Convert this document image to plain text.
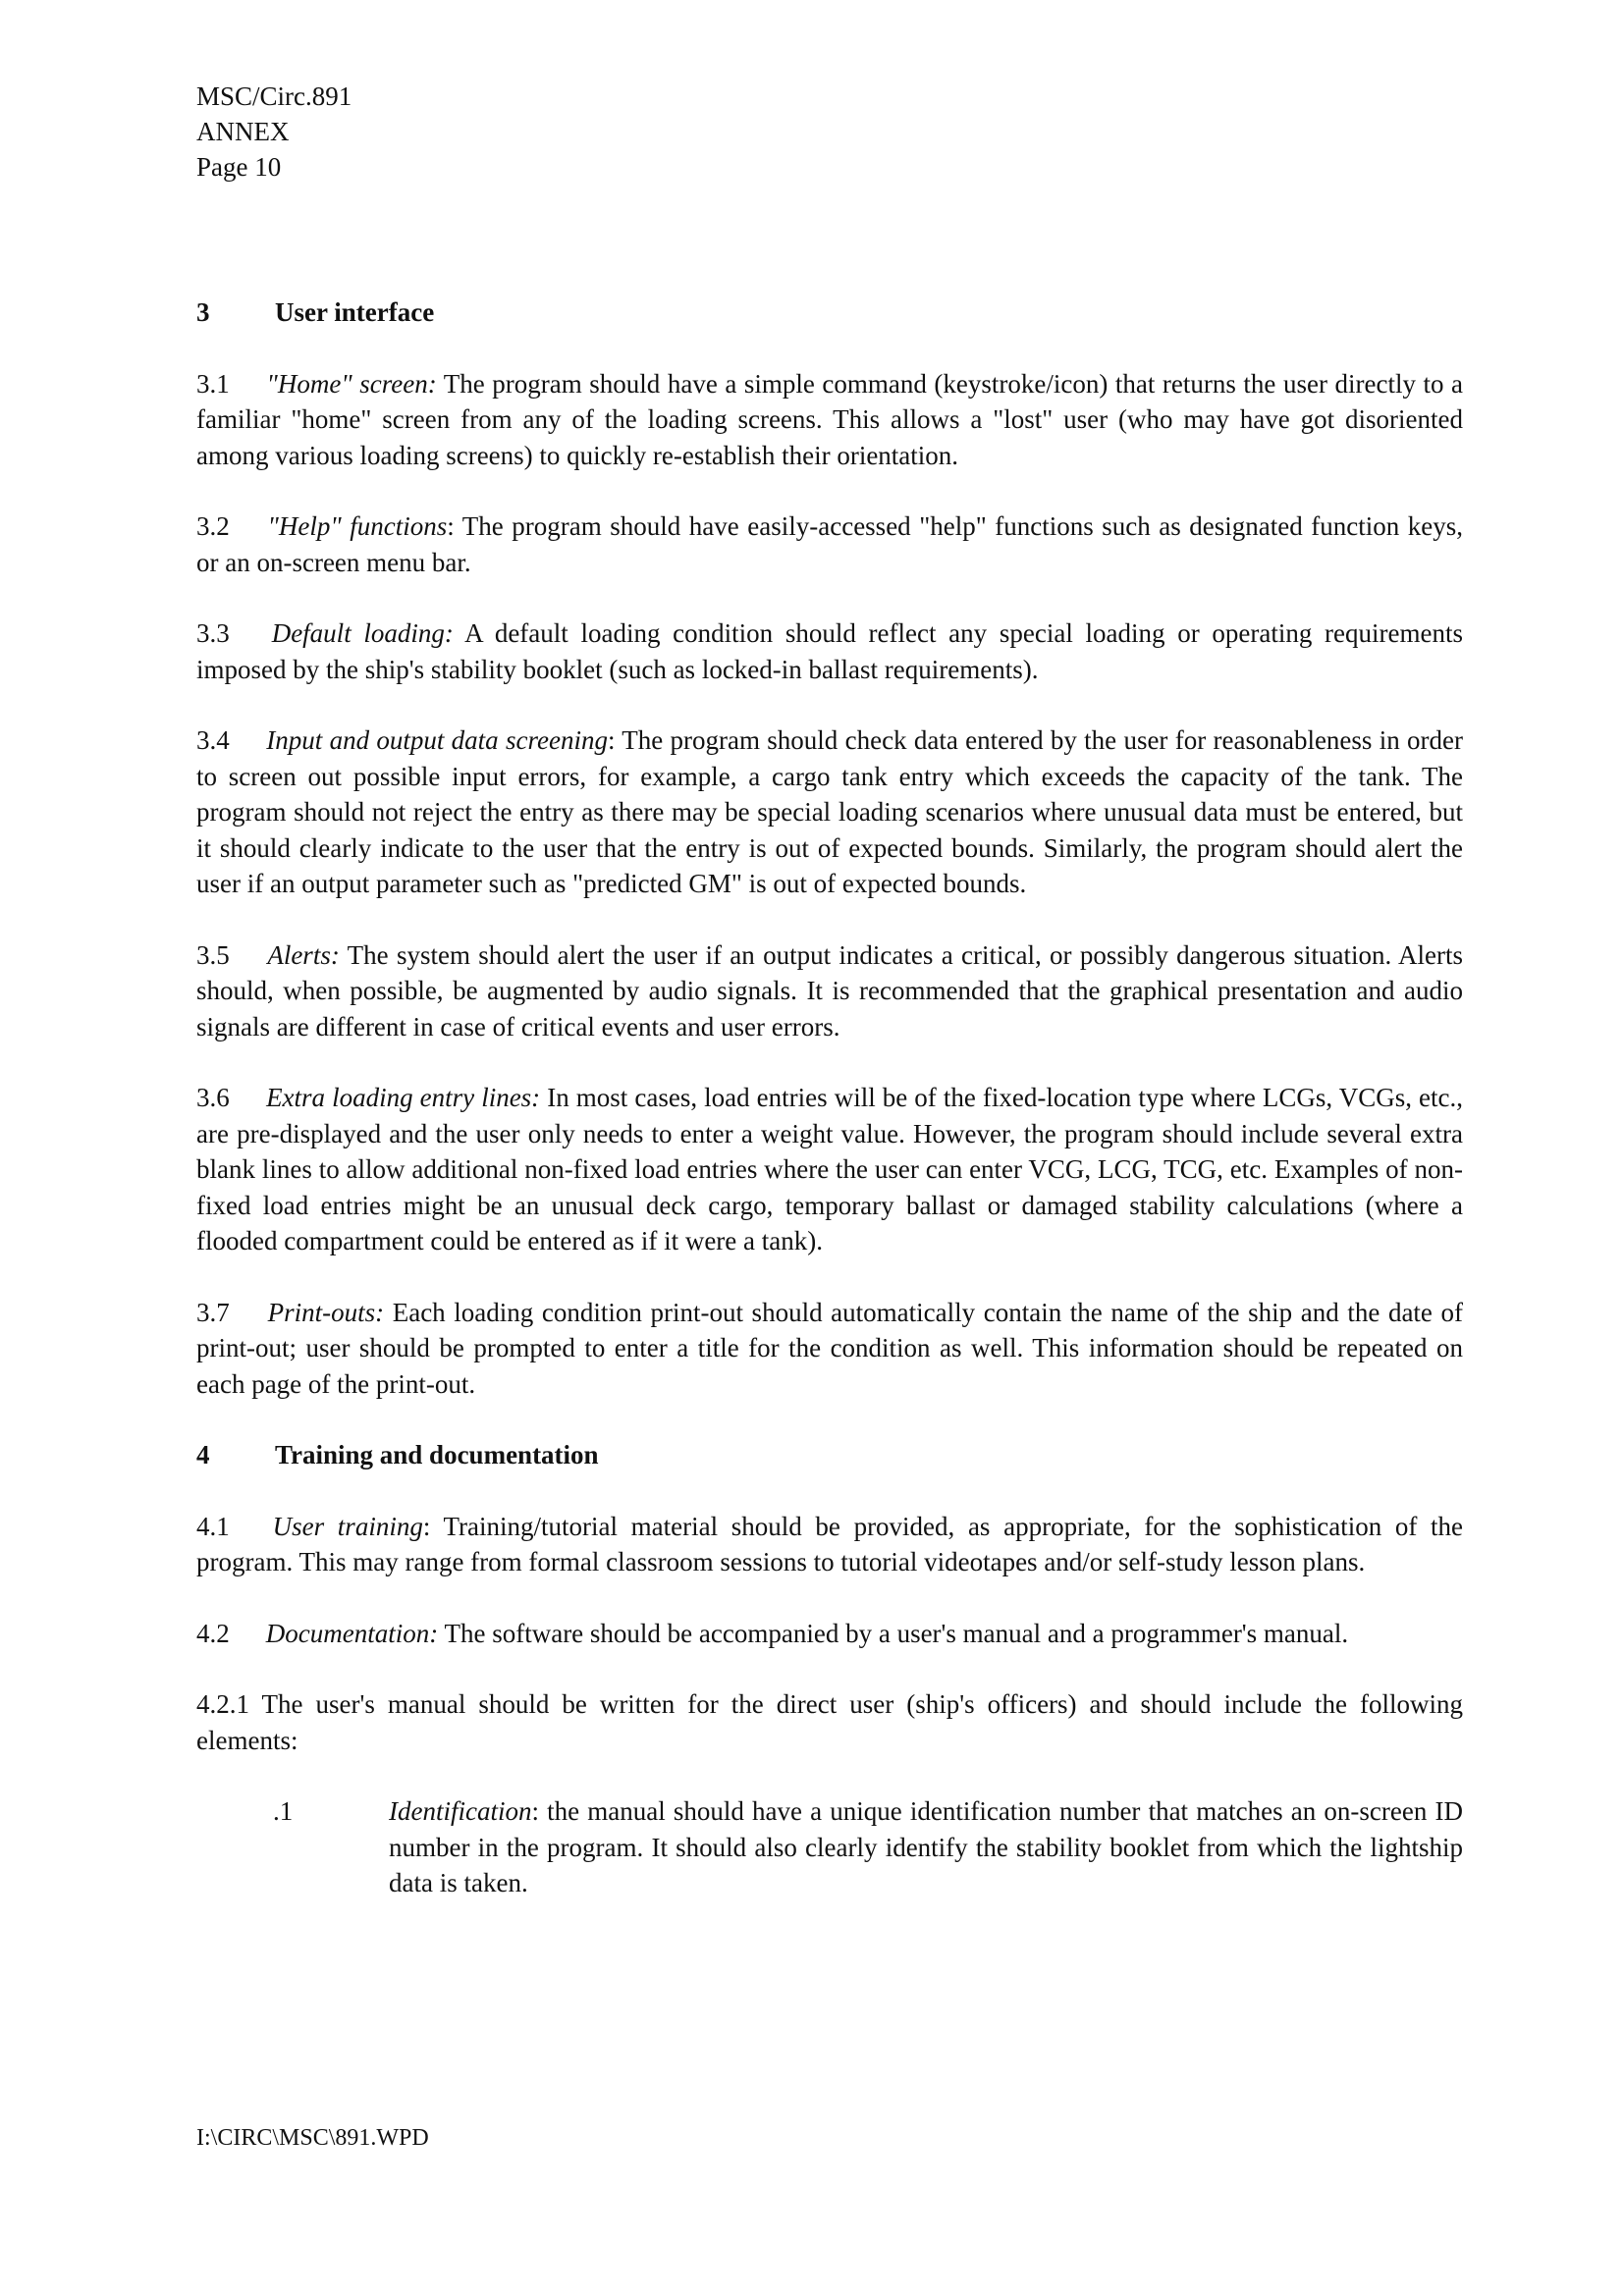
MSC/Circ.891
ANNEX
Page 10
3 User interface
3.1 "Home" screen: The program should have a simple command (keystroke/icon) that returns the user directly to a familiar "home" screen from any of the loading screens. This allows a "lost" user (who may have got disoriented among various loading screens) to quickly re-establish their orientation.
3.2 "Help" functions: The program should have easily-accessed "help" functions such as designated function keys, or an on-screen menu bar.
3.3 Default loading: A default loading condition should reflect any special loading or operating requirements imposed by the ship's stability booklet (such as locked-in ballast requirements).
3.4 Input and output data screening: The program should check data entered by the user for reasonableness in order to screen out possible input errors, for example, a cargo tank entry which exceeds the capacity of the tank. The program should not reject the entry as there may be special loading scenarios where unusual data must be entered, but it should clearly indicate to the user that the entry is out of expected bounds. Similarly, the program should alert the user if an output parameter such as "predicted GM" is out of expected bounds.
3.5 Alerts: The system should alert the user if an output indicates a critical, or possibly dangerous situation. Alerts should, when possible, be augmented by audio signals. It is recommended that the graphical presentation and audio signals are different in case of critical events and user errors.
3.6 Extra loading entry lines: In most cases, load entries will be of the fixed-location type where LCGs, VCGs, etc., are pre-displayed and the user only needs to enter a weight value. However, the program should include several extra blank lines to allow additional non-fixed load entries where the user can enter VCG, LCG, TCG, etc. Examples of non-fixed load entries might be an unusual deck cargo, temporary ballast or damaged stability calculations (where a flooded compartment could be entered as if it were a tank).
3.7 Print-outs: Each loading condition print-out should automatically contain the name of the ship and the date of print-out; user should be prompted to enter a title for the condition as well. This information should be repeated on each page of the print-out.
4 Training and documentation
4.1 User training: Training/tutorial material should be provided, as appropriate, for the sophistication of the program. This may range from formal classroom sessions to tutorial videotapes and/or self-study lesson plans.
4.2 Documentation: The software should be accompanied by a user's manual and a programmer's manual.
4.2.1 The user's manual should be written for the direct user (ship's officers) and should include the following elements:
.1	Identification: the manual should have a unique identification number that matches an on-screen ID number in the program. It should also clearly identify the stability booklet from which the lightship data is taken.
I:\CIRC\MSC\891.WPD
